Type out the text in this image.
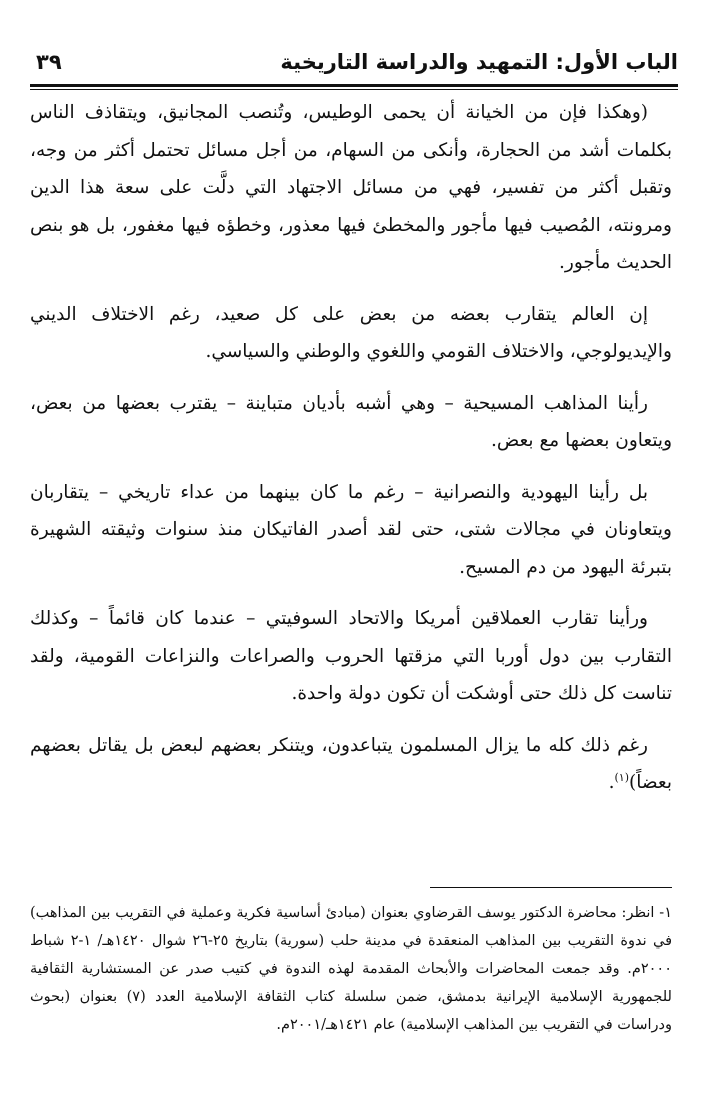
الباب الأول: التمهيد والدراسة التاريخية
٣٩

(وهكذا فإن من الخيانة أن يحمى الوطيس، وتُنصب المجانيق، ويتقاذف الناس بكلمات أشد من الحجارة، وأنكى من السهام، من أجل مسائل تحتمل أكثر من وجه، وتقبل أكثر من تفسير، فهي من مسائل الاجتهاد التي دلَّت على سعة هذا الدين ومرونته، المُصيب فيها مأجور والمخطئ فيها معذور، وخطؤه فيها مغفور، بل هو بنص الحديث مأجور.

إن العالم يتقارب بعضه من بعض على كل صعيد، رغم الاختلاف الديني والإيديولوجي، والاختلاف القومي واللغوي والوطني والسياسي.

رأينا المذاهب المسيحية – وهي أشبه بأديان متباينة – يقترب بعضها من بعض، ويتعاون بعضها مع بعض.

بل رأينا اليهودية والنصرانية – رغم ما كان بينهما من عداء تاريخي – يتقاربان ويتعاونان في مجالات شتى، حتى لقد أصدر الفاتيكان منذ سنوات وثيقته الشهيرة بتبرئة اليهود من دم المسيح.

ورأينا تقارب العملاقين أمريكا والاتحاد السوفيتي – عندما كان قائماً – وكذلك التقارب بين دول أوربا التي مزقتها الحروب والصراعات والنزاعات القومية، ولقد تناست كل ذلك حتى أوشكت أن تكون دولة واحدة.

رغم ذلك كله ما يزال المسلمون يتباعدون، ويتنكر بعضهم لبعض بل يقاتل بعضهم بعضاً)$^{(١)}$.

١- انظر: محاضرة الدكتور يوسف القرضاوي بعنوان (مبادئ أساسية فكرية وعملية في التقريب بين المذاهب) في ندوة التقريب بين المذاهب المنعقدة في مدينة حلب (سورية) بتاريخ ٢٥-٢٦ شوال ١٤٢٠هـ/ ١-٢ شباط ٢٠٠٠م. وقد جمعت المحاضرات والأبحاث المقدمة لهذه الندوة في كتيب صدر عن المستشارية الثقافية للجمهورية الإسلامية الإيرانية بدمشق، ضمن سلسلة كتاب الثقافة الإسلامية العدد (٧) بعنوان (بحوث ودراسات في التقريب بين المذاهب الإسلامية) عام ١٤٢١هـ/٢٠٠١م.
